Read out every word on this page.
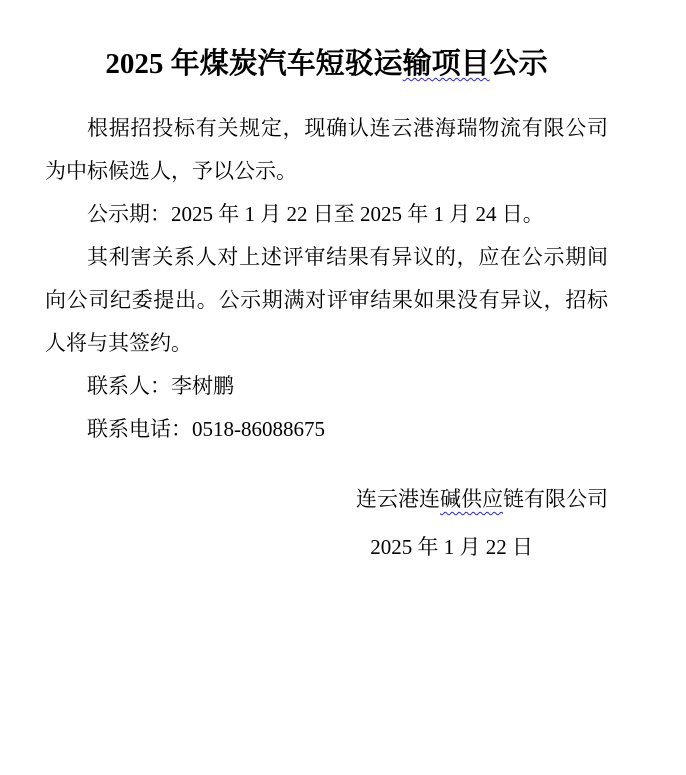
2025 年煤炭汽车短驳运输项目公示

根据招投标有关规定，现确认连云港海瑞物流有限公司为中标候选人，予以公示。

公示期：2025 年 1 月 22 日至 2025 年 1 月 24 日。

其利害关系人对上述评审结果有异议的，应在公示期间向公司纪委提出。公示期满对评审结果如果没有异议，招标人将与其签约。

联系人：李树鹏

联系电话：0518-86088675

连云港连碱供应链有限公司

2025 年 1 月 22 日
